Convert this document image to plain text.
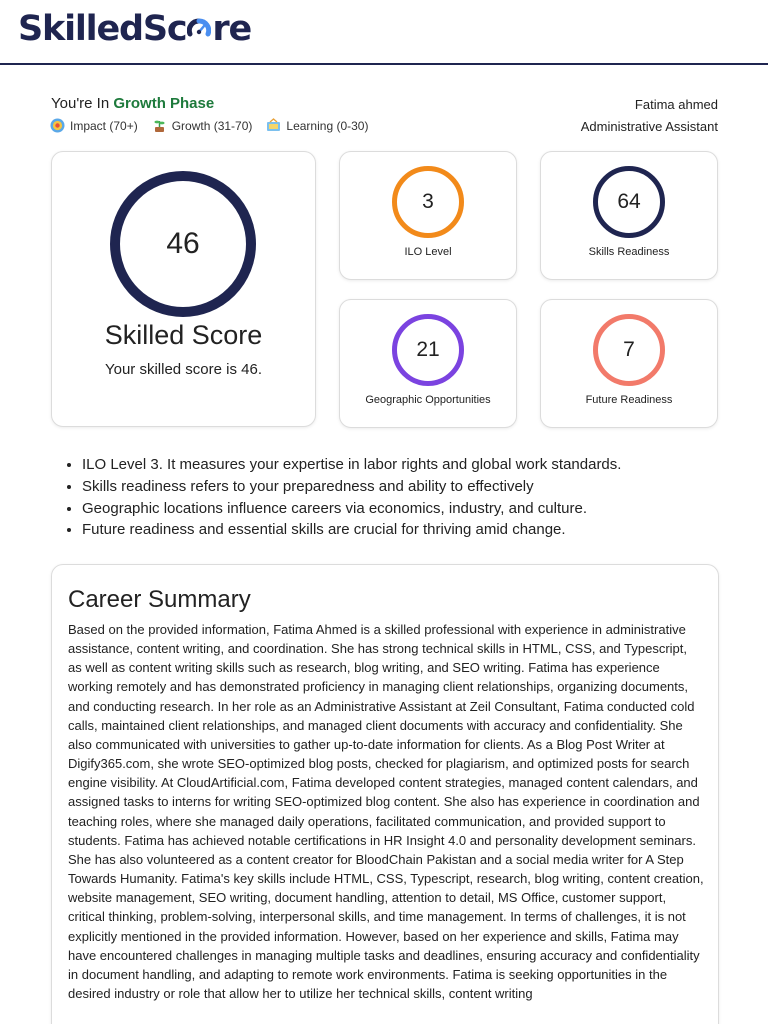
SkilledSc re
You're In Growth Phase	Fatima ahmed
Administrative Assistant
Impact (70+)	Growth (31-70)	Learning (0-30)
46
Skilled Score
Your skilled score is 46.
3
ILO Level
64
Skills Readiness
21
Geographic Opportunities
7
Future Readiness
• ILO Level 3. It measures your expertise in labor rights and global work standards.
• Skills readiness refers to your preparedness and ability to effectively
• Geographic locations influence careers via economics, industry, and culture.
• Future readiness and essential skills are crucial for thriving amid change.
Career Summary
Based on the provided information, Fatima Ahmed is a skilled professional with experience in administrative assistance, content writing, and coordination. She has strong technical skills in HTML, CSS, and Typescript, as well as content writing skills such as research, blog writing, and SEO writing. Fatima has experience working remotely and has demonstrated proficiency in managing client relationships, organizing documents, and conducting research. In her role as an Administrative Assistant at Zeil Consultant, Fatima conducted cold calls, maintained client relationships, and managed client documents with accuracy and confidentiality. She also communicated with universities to gather up-to-date information for clients. As a Blog Post Writer at Digify365.com, she wrote SEO-optimized blog posts, checked for plagiarism, and optimized posts for search engine visibility. At CloudArtificial.com, Fatima developed content strategies, managed content calendars, and assigned tasks to interns for writing SEO-optimized blog content. She also has experience in coordination and teaching roles, where she managed daily operations, facilitated communication, and provided support to students. Fatima has achieved notable certifications in HR Insight 4.0 and personality development seminars. She has also volunteered as a content creator for BloodChain Pakistan and a social media writer for A Step Towards Humanity. Fatima's key skills include HTML, CSS, Typescript, research, blog writing, content creation, website management, SEO writing, document handling, attention to detail, MS Office, customer support, critical thinking, problem-solving, interpersonal skills, and time management. In terms of challenges, it is not explicitly mentioned in the provided information. However, based on her experience and skills, Fatima may have encountered challenges in managing multiple tasks and deadlines, ensuring accuracy and confidentiality in document handling, and adapting to remote work environments. Fatima is seeking opportunities in the desired industry or role that allow her to utilize her technical skills, content writing
